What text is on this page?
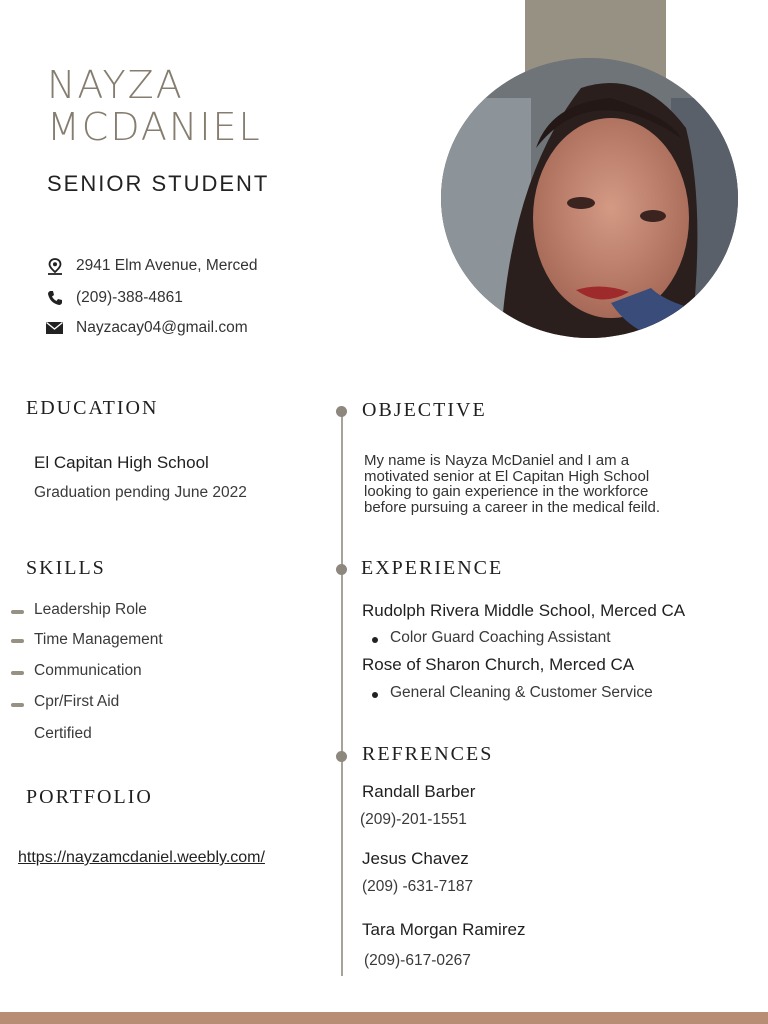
NAYZA
MCDANIEL
SENIOR STUDENT
2941 Elm Avenue, Merced
(209)-388-4861
Nayzacay04@gmail.com
EDUCATION
El Capitan High School
Graduation pending June 2022
SKILLS
Leadership Role
Time Management
Communication
Cpr/First Aid
Certified
PORTFOLIO
https://nayzamcdaniel.weebly.com/
OBJECTIVE
My name is Nayza McDaniel and I am a
motivated senior at El Capitan High School
looking to gain experience in the workforce
before pursuing a career in the medical feild.
EXPERIENCE
Rudolph Rivera Middle School, Merced CA
Color Guard Coaching Assistant
Rose of Sharon Church, Merced CA
General Cleaning & Customer Service
REFRENCES
Randall Barber
(209)-201-1551
Jesus Chavez
(209) -631-7187
Tara Morgan Ramirez
(209)-617-0267
